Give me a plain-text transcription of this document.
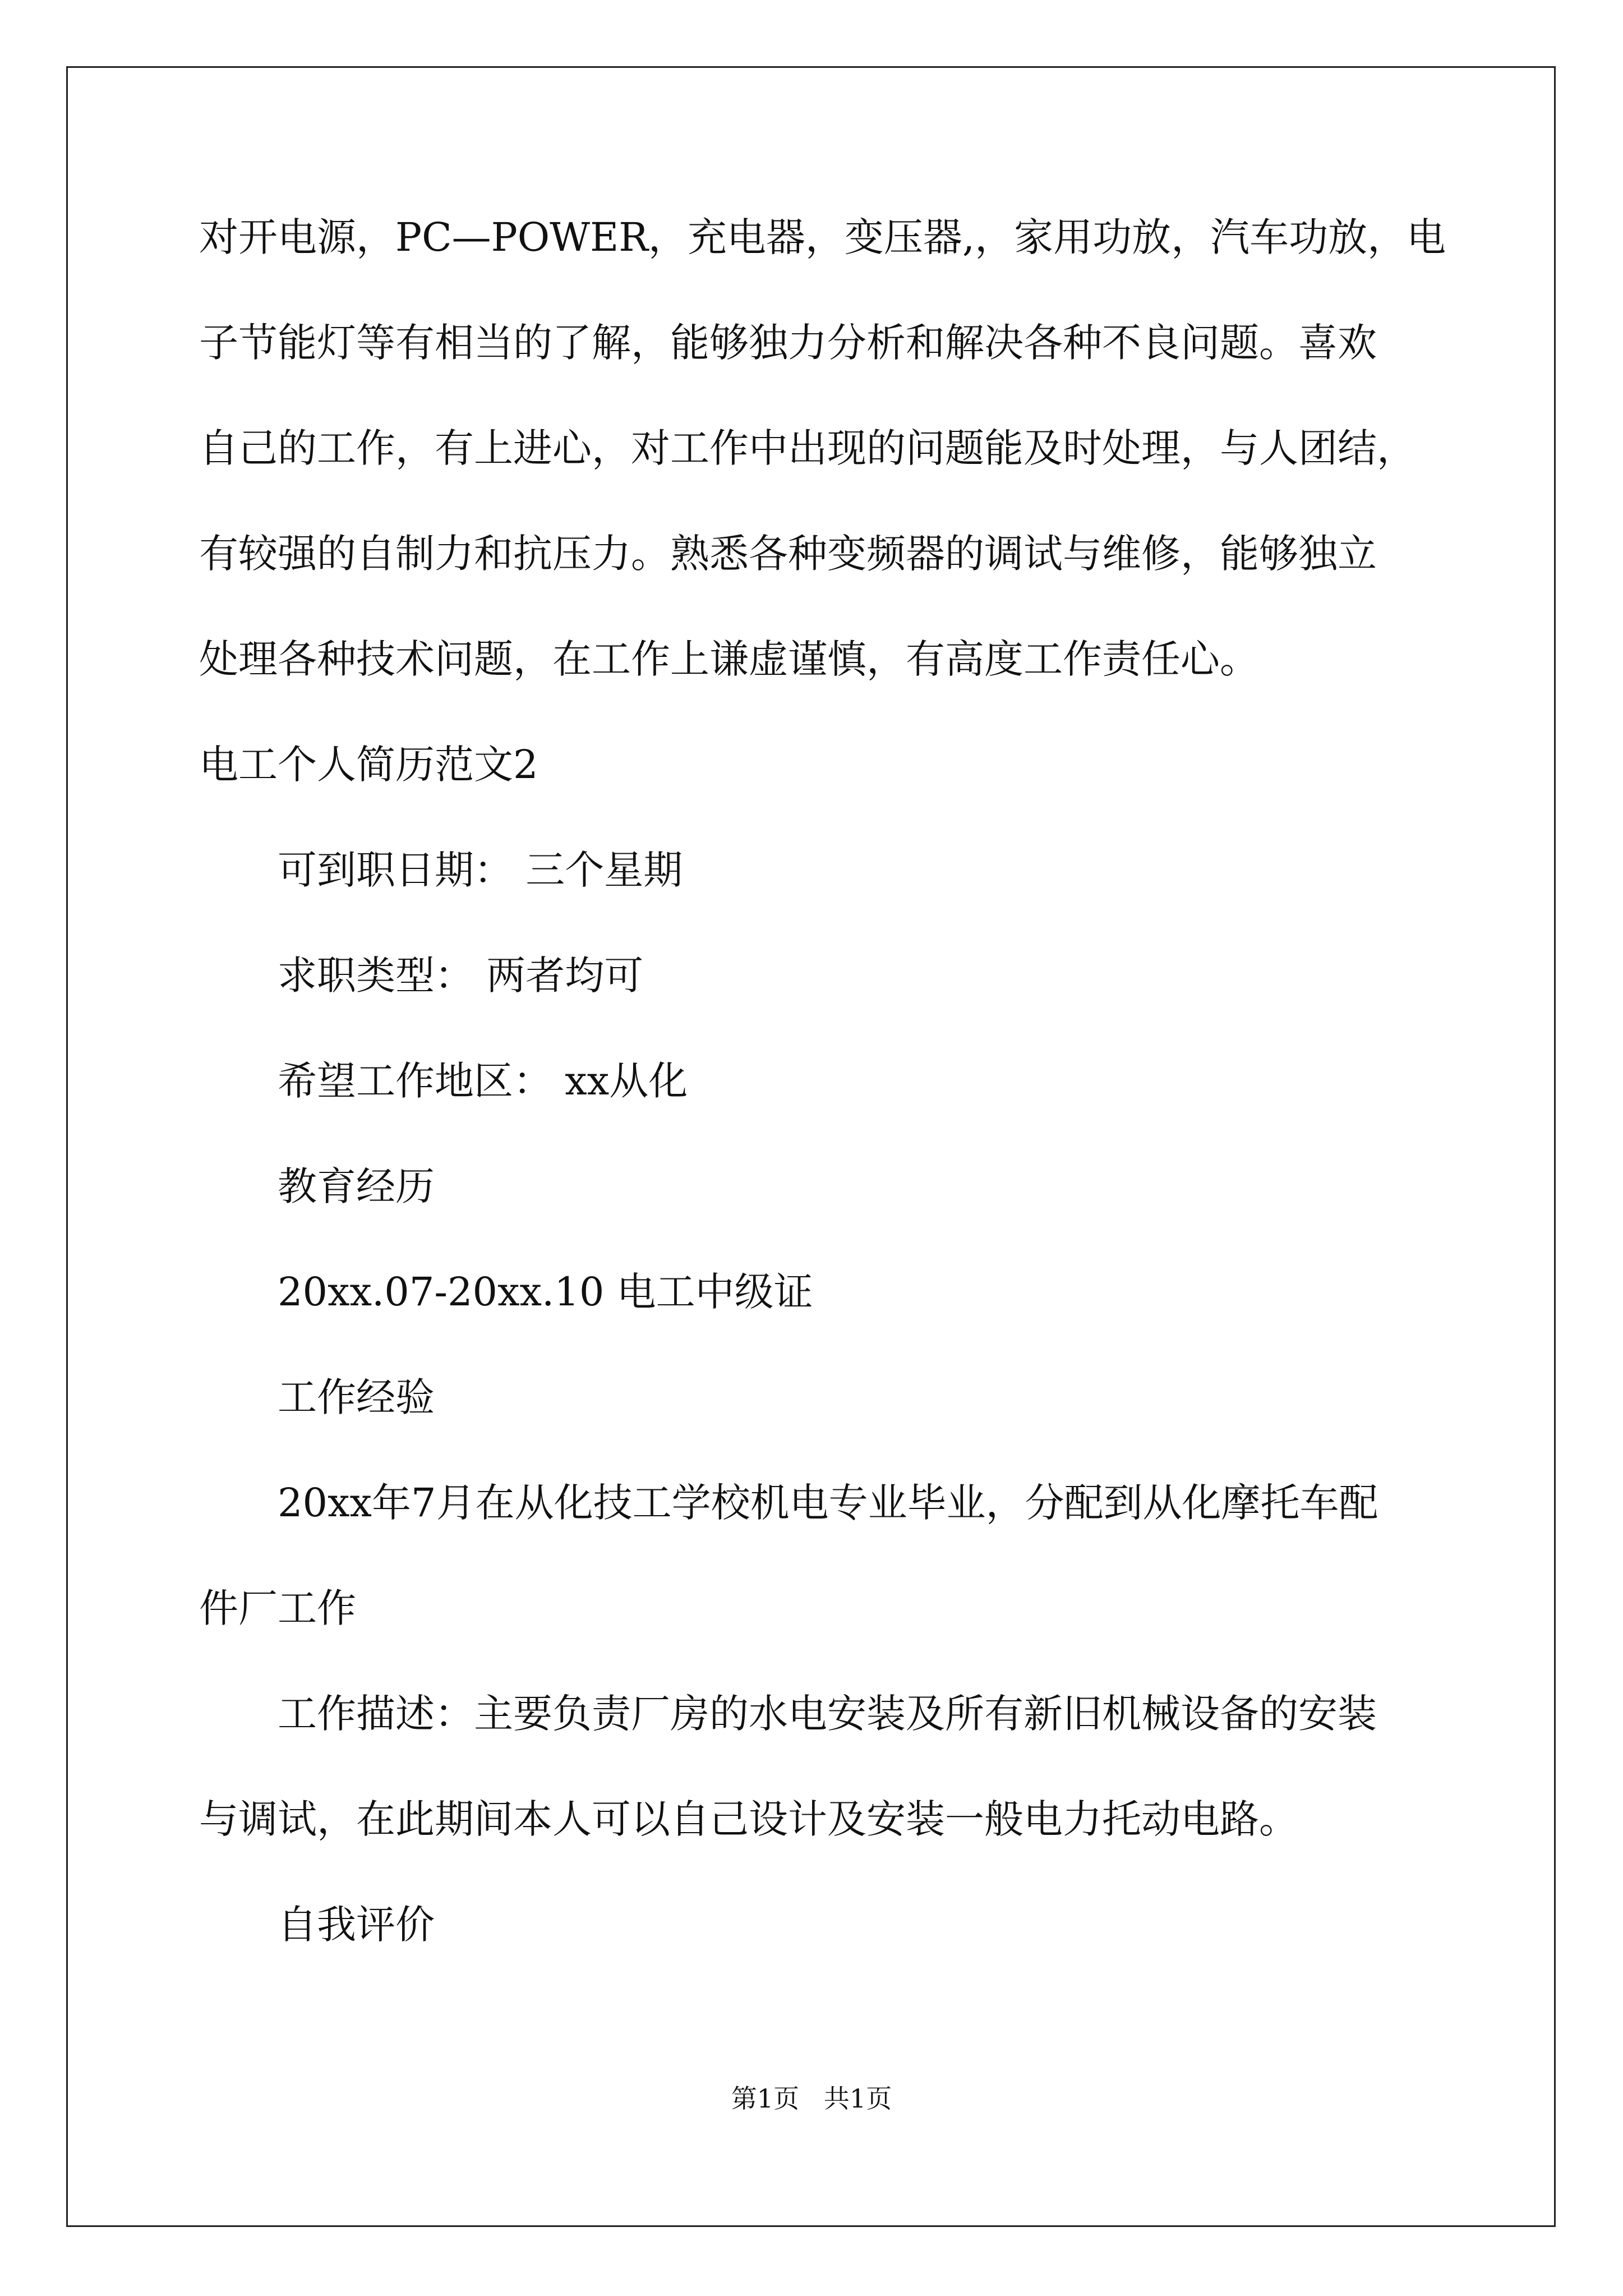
对开电源，PC—POWER，充电器，变压器,，家用功放，汽车功放，电
子节能灯等有相当的了解，能够独力分析和解决各种不良问题。喜欢
自己的工作，有上进心，对工作中出现的问题能及时处理，与人团结，
有较强的自制力和抗压力。熟悉各种变频器的调试与维修，能够独立
处理各种技术问题，在工作上谦虚谨慎，有高度工作责任心。
电工个人简历范文2
可到职日期： 三个星期
求职类型： 两者均可
希望工作地区： xx从化
教育经历
20xx.07-20xx.10 电工中级证
工作经验
20xx年7月在从化技工学校机电专业毕业，分配到从化摩托车配
件厂工作
工作描述：主要负责厂房的水电安装及所有新旧机械设备的安装
与调试，在此期间本人可以自己设计及安装一般电力托动电路。
自我评价
第1页   共1页
